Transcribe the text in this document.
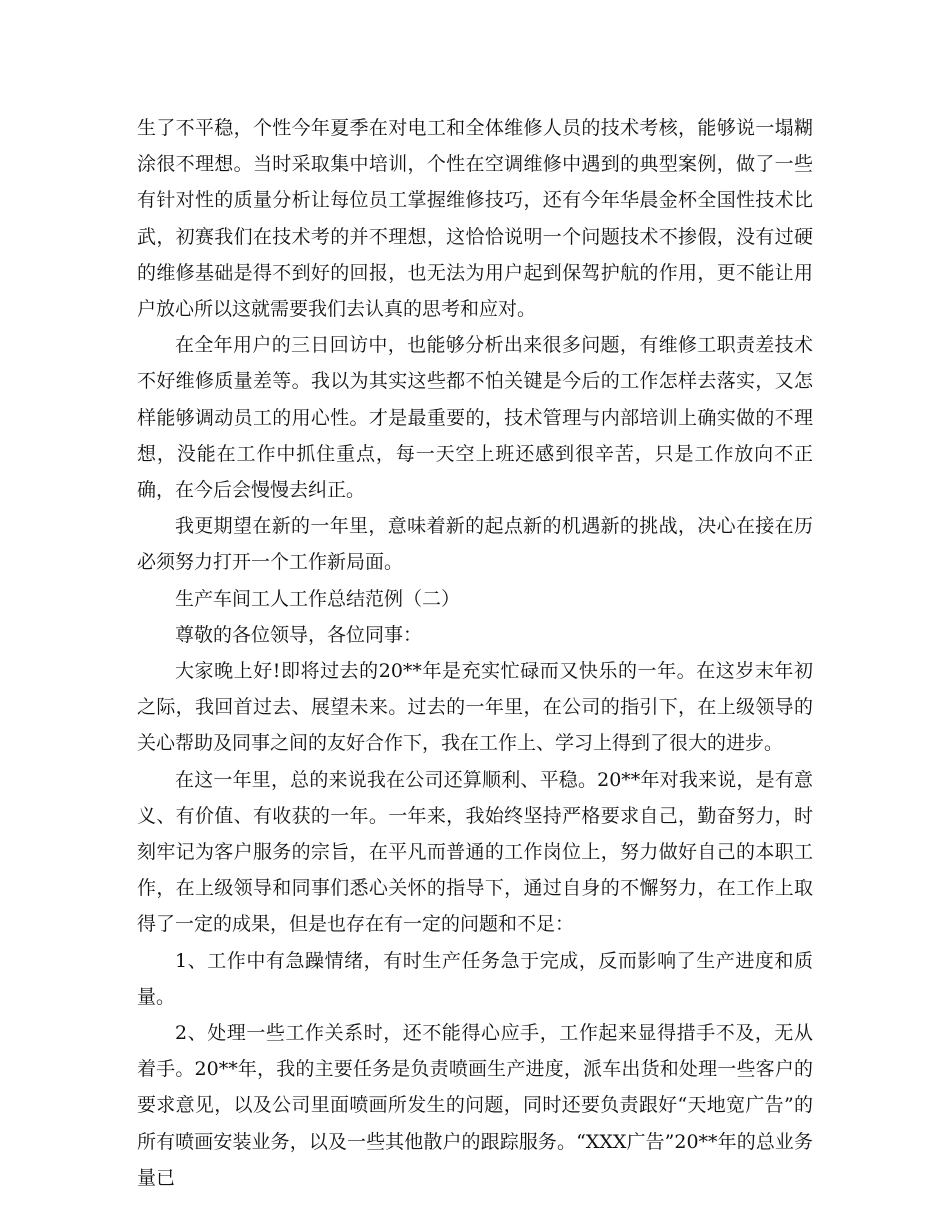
生了不平稳，个性今年夏季在对电工和全体维修人员的技术考核，能够说一塌糊涂很不理想。当时采取集中培训，个性在空调维修中遇到的典型案例，做了一些有针对性的质量分析让每位员工掌握维修技巧，还有今年华晨金杯全国性技术比武，初赛我们在技术考的并不理想，这恰恰说明一个问题技术不掺假，没有过硬的维修基础是得不到好的回报，也无法为用户起到保驾护航的作用，更不能让用户放心所以这就需要我们去认真的思考和应对。

在全年用户的三日回访中，也能够分析出来很多问题，有维修工职责差技术不好维修质量差等。我以为其实这些都不怕关键是今后的工作怎样去落实，又怎样能够调动员工的用心性。才是最重要的，技术管理与内部培训上确实做的不理想，没能在工作中抓住重点，每一天空上班还感到很辛苦，只是工作放向不正确，在今后会慢慢去纠正。

我更期望在新的一年里，意味着新的起点新的机遇新的挑战，决心在接在历必须努力打开一个工作新局面。

生产车间工人工作总结范例（二）

尊敬的各位领导，各位同事：

大家晚上好!即将过去的20**年是充实忙碌而又快乐的一年。在这岁末年初之际，我回首过去、展望未来。过去的一年里，在公司的指引下，在上级领导的关心帮助及同事之间的友好合作下，我在工作上、学习上得到了很大的进步。

在这一年里，总的来说我在公司还算顺利、平稳。20**年对我来说，是有意义、有价值、有收获的一年。一年来，我始终坚持严格要求自己，勤奋努力，时刻牢记为客户服务的宗旨，在平凡而普通的工作岗位上，努力做好自己的本职工作，在上级领导和同事们悉心关怀的指导下，通过自身的不懈努力，在工作上取得了一定的成果，但是也存在有一定的问题和不足：

1、工作中有急躁情绪，有时生产任务急于完成，反而影响了生产进度和质量。

2、处理一些工作关系时，还不能得心应手，工作起来显得措手不及，无从着手。20**年，我的主要任务是负责喷画生产进度，派车出货和处理一些客户的要求意见，以及公司里面喷画所发生的问题，同时还要负责跟好“天地宽广告”的所有喷画安装业务，以及一些其他散户的跟踪服务。“XXX广告”20**年的总业务量已
